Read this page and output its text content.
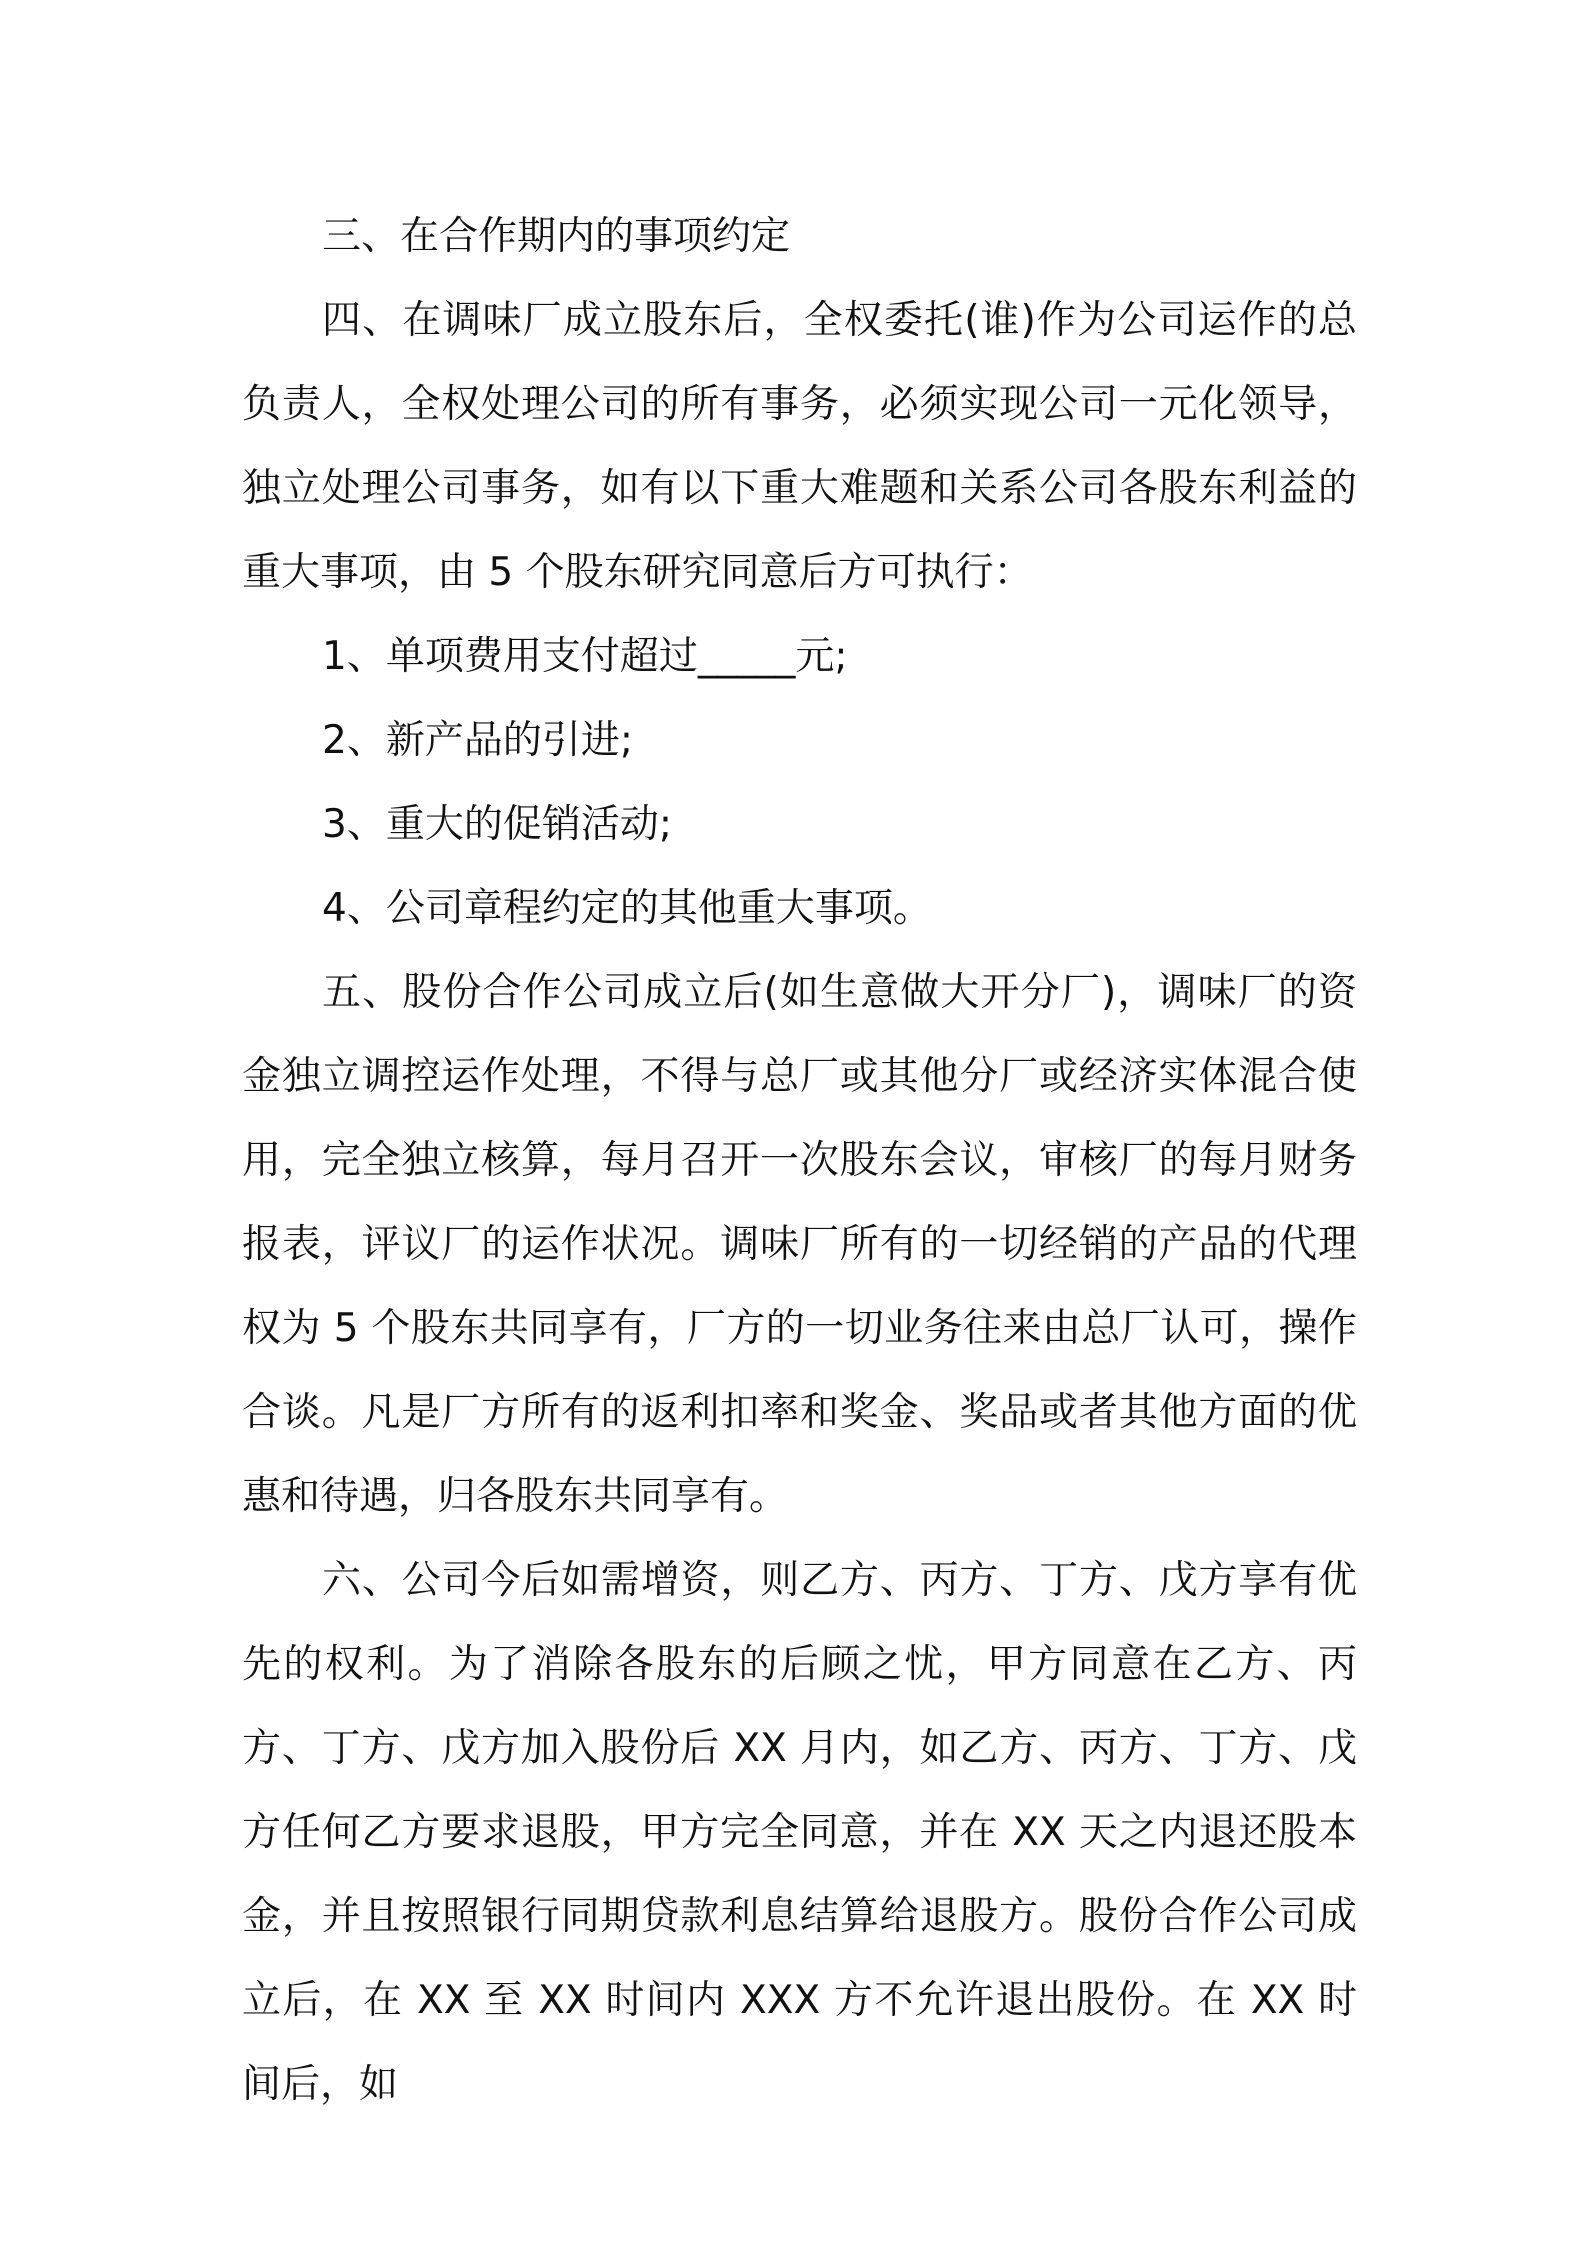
三、在合作期内的事项约定

四、在调味厂成立股东后，全权委托(谁)作为公司运作的总负责人，全权处理公司的所有事务，必须实现公司一元化领导，独立处理公司事务，如有以下重大难题和关系公司各股东利益的重大事项，由 5 个股东研究同意后方可执行：

1、单项费用支付超过_____元;

2、新产品的引进;

3、重大的促销活动;

4、公司章程约定的其他重大事项。

五、股份合作公司成立后(如生意做大开分厂)，调味厂的资金独立调控运作处理，不得与总厂或其他分厂或经济实体混合使用，完全独立核算，每月召开一次股东会议，审核厂的每月财务报表，评议厂的运作状况。调味厂所有的一切经销的产品的代理权为 5 个股东共同享有，厂方的一切业务往来由总厂认可，操作合谈。凡是厂方所有的返利扣率和奖金、奖品或者其他方面的优惠和待遇，归各股东共同享有。

六、公司今后如需增资，则乙方、丙方、丁方、戊方享有优先的权利。为了消除各股东的后顾之忧，甲方同意在乙方、丙方、丁方、戊方加入股份后 XX 月内，如乙方、丙方、丁方、戊方任何乙方要求退股，甲方完全同意，并在 XX 天之内退还股本金，并且按照银行同期贷款利息结算给退股方。股份合作公司成立后，在 XX 至 XX 时间内 XXX 方不允许退出股份。在 XX 时间后，如
